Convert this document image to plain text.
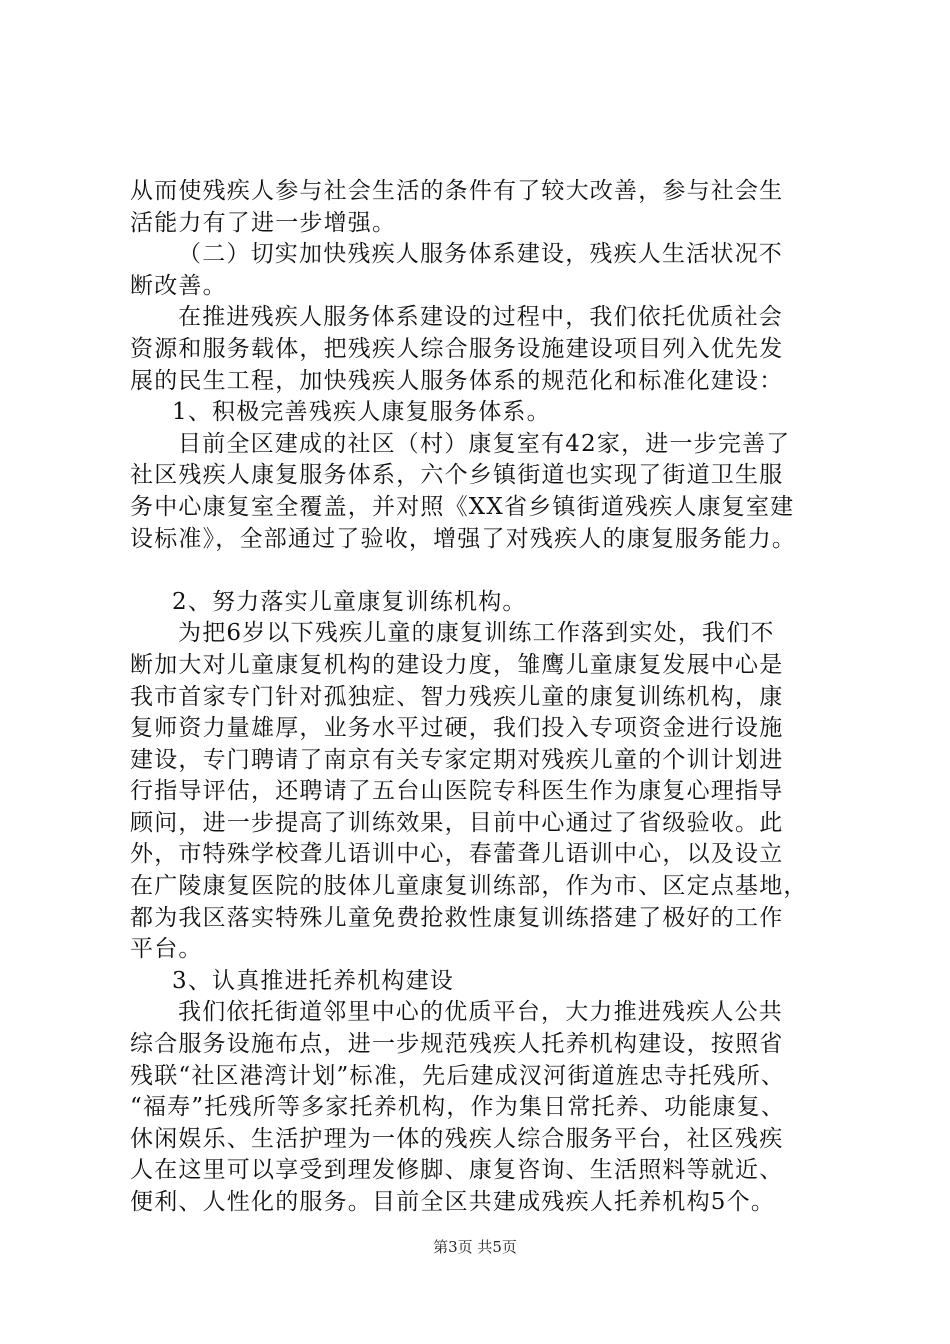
从而使残疾人参与社会生活的条件有了较大改善，参与社会生
活能力有了进一步增强。
（二）切实加快残疾人服务体系建设，残疾人生活状况不
断改善。
在推进残疾人服务体系建设的过程中，我们依托优质社会
资源和服务载体，把残疾人综合服务设施建设项目列入优先发
展的民生工程，加快残疾人服务体系的规范化和标准化建设：
1、积极完善残疾人康复服务体系。
目前全区建成的社区（村）康复室有42家，进一步完善了
社区残疾人康复服务体系，六个乡镇街道也实现了街道卫生服
务中心康复室全覆盖，并对照《XX省乡镇街道残疾人康复室建
设标准》，全部通过了验收，增强了对残疾人的康复服务能力。
2、努力落实儿童康复训练机构。
为把6岁以下残疾儿童的康复训练工作落到实处，我们不
断加大对儿童康复机构的建设力度，雏鹰儿童康复发展中心是
我市首家专门针对孤独症、智力残疾儿童的康复训练机构，康
复师资力量雄厚，业务水平过硬，我们投入专项资金进行设施
建设，专门聘请了南京有关专家定期对残疾儿童的个训计划进
行指导评估，还聘请了五台山医院专科医生作为康复心理指导
顾问，进一步提高了训练效果，目前中心通过了省级验收。此
外，市特殊学校聋儿语训中心，春蕾聋儿语训中心，以及设立
在广陵康复医院的肢体儿童康复训练部，作为市、区定点基地，
都为我区落实特殊儿童免费抢救性康复训练搭建了极好的工作
平台。
3、认真推进托养机构建设
我们依托街道邻里中心的优质平台，大力推进残疾人公共
综合服务设施布点，进一步规范残疾人托养机构建设，按照省
残联“社区港湾计划”标准，先后建成汊河街道旌忠寺托残所、
“福寿”托残所等多家托养机构，作为集日常托养、功能康复、
休闲娱乐、生活护理为一体的残疾人综合服务平台，社区残疾
人在这里可以享受到理发修脚、康复咨询、生活照料等就近、
便利、人性化的服务。目前全区共建成残疾人托养机构5个。
第3页 共5页
